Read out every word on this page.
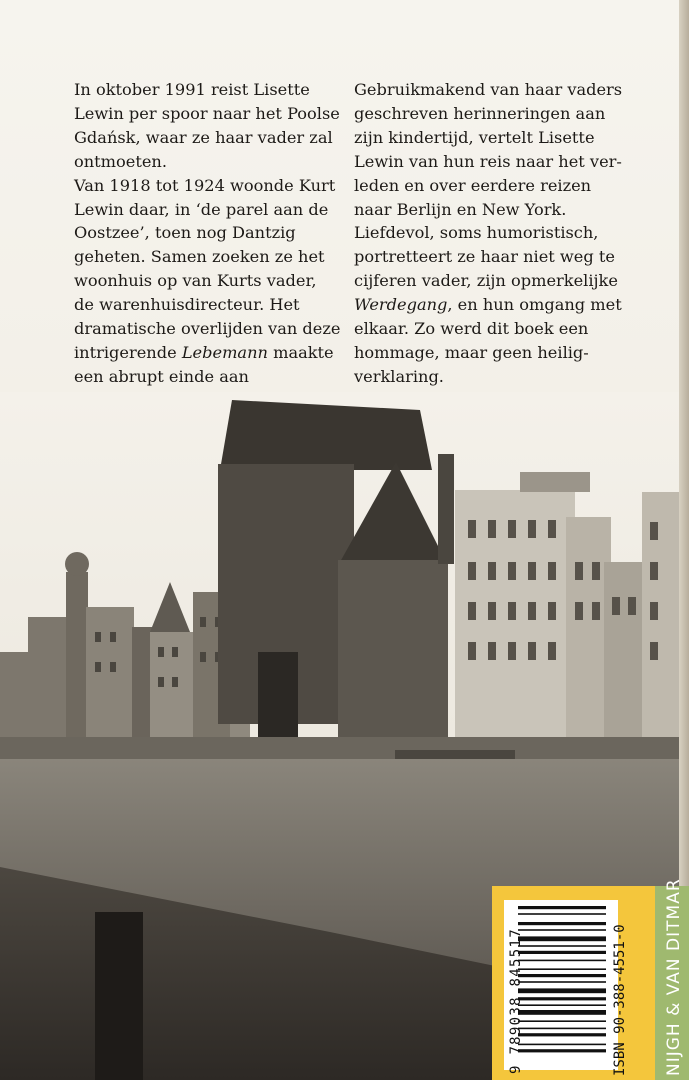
In oktober 1991 reist Lisette
Lewin per spoor naar het Poolse
Gdańsk, waar ze haar vader zal
ontmoeten.
Van 1918 tot 1924 woonde Kurt
Lewin daar, in ‘de parel aan de
Oostzee’, toen nog Dantzig
geheten. Samen zoeken ze het
woonhuis op van Kurts vader,
de warenhuisdirecteur. Het
dramatische overlijden van deze
intrigerende Lebemann maakte
een abrupt einde aan
Gebruikmakend van haar vaders
geschreven herinneringen aan
zijn kindertijd, vertelt Lisette
Lewin van hun reis naar het ver-
leden en over eerdere reizen
naar Berlijn en New York.
Liefdevol, soms humoristisch,
portretteert ze haar niet weg te
cijferen vader, zijn opmerkelijke
Werdegang, en hun omgang met
elkaar. Zo werd dit boek een
hommage, maar geen heilig-
verklaring.
9 789038 845517	ISBN 90-388-4551-0 NIJGH & VAN DITMAR
